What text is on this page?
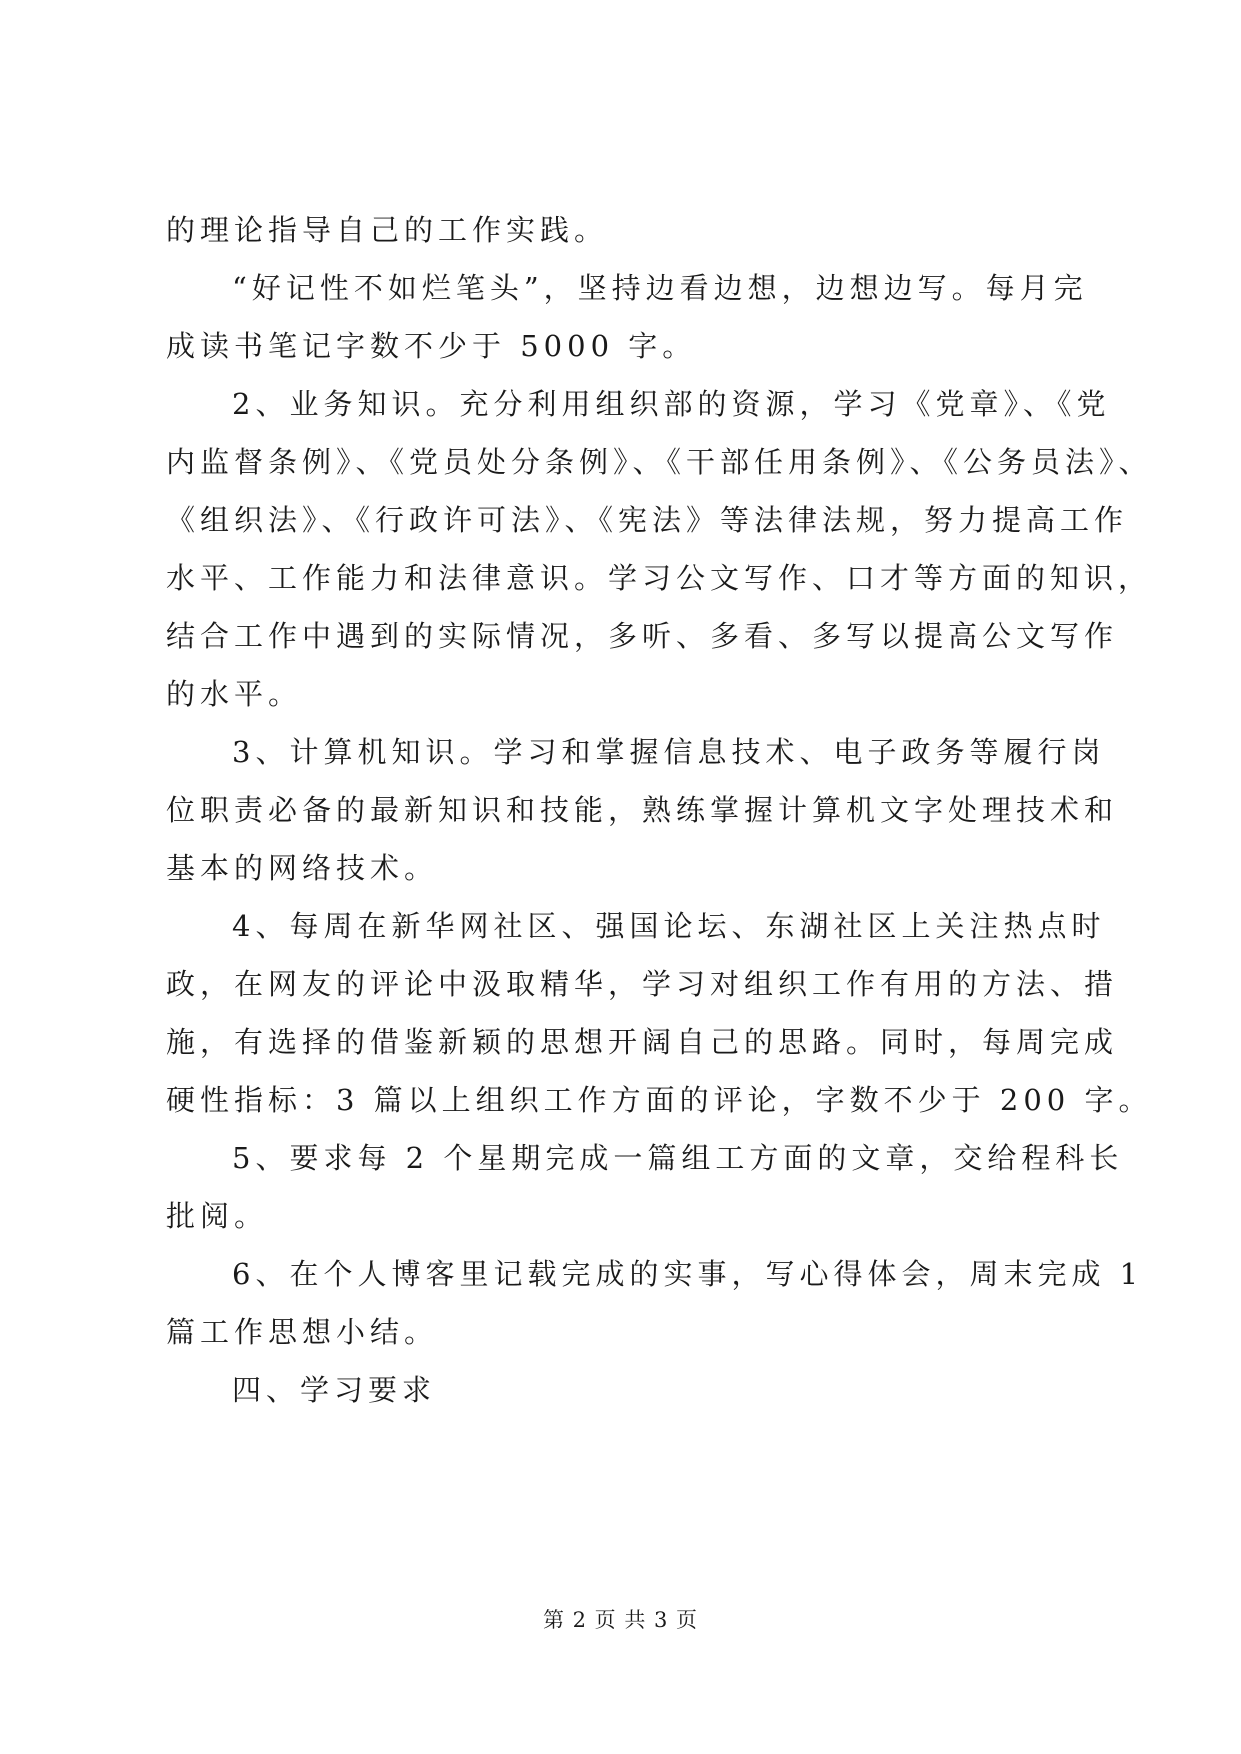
的理论指导自己的工作实践。
“好记性不如烂笔头”，坚持边看边想，边想边写。每月完
成读书笔记字数不少于 5000 字。
2、业务知识。充分利用组织部的资源，学习《党章》、《党
内监督条例》、《党员处分条例》、《干部任用条例》、《公务员法》、
《组织法》、《行政许可法》、《宪法》等法律法规，努力提高工作
水平、工作能力和法律意识。学习公文写作、口才等方面的知识，
结合工作中遇到的实际情况，多听、多看、多写以提高公文写作
的水平。
3、计算机知识。学习和掌握信息技术、电子政务等履行岗
位职责必备的最新知识和技能，熟练掌握计算机文字处理技术和
基本的网络技术。
4、每周在新华网社区、强国论坛、东湖社区上关注热点时
政，在网友的评论中汲取精华，学习对组织工作有用的方法、措
施，有选择的借鉴新颖的思想开阔自己的思路。同时，每周完成
硬性指标：3 篇以上组织工作方面的评论，字数不少于 200 字。
5、要求每 2 个星期完成一篇组工方面的文章，交给程科长
批阅。
6、在个人博客里记载完成的实事，写心得体会，周末完成 1
篇工作思想小结。
四、学习要求
第 2 页 共 3 页
